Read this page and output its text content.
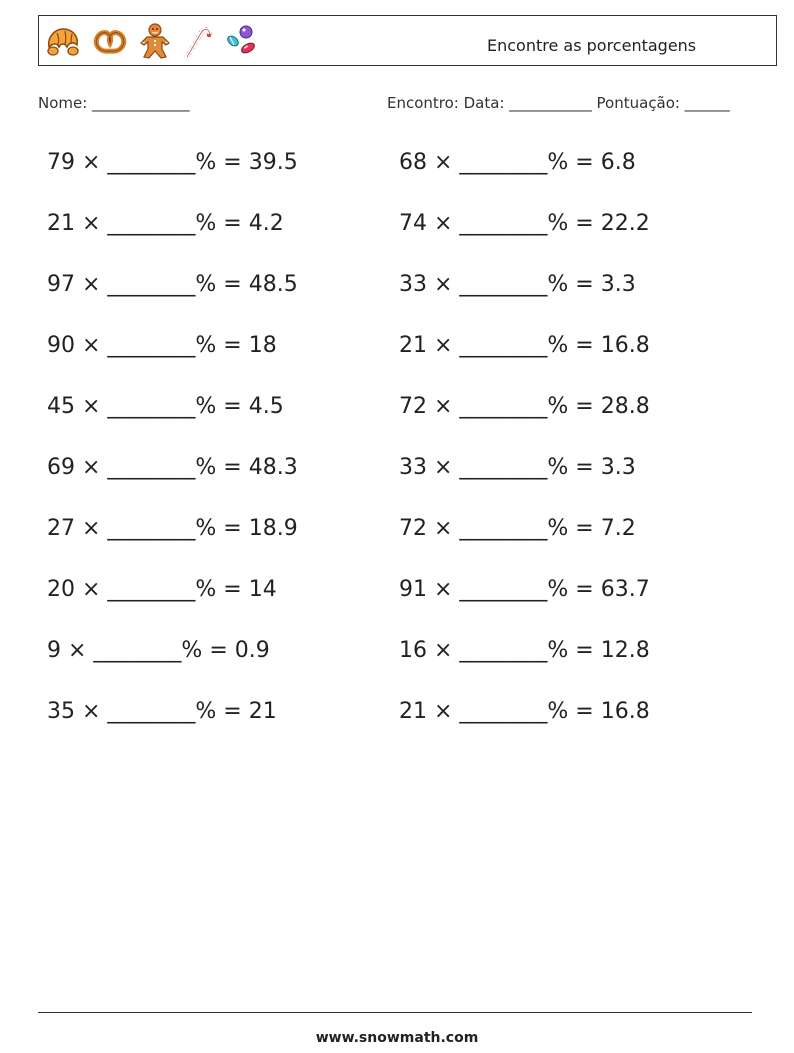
Encontre as porcentagens
Nome: _____________	Encontro: Data: ___________ Pontuação: ______
79 × ________% = 39.5
21 × ________% = 4.2
97 × ________% = 48.5
90 × ________% = 18
45 × ________% = 4.5
69 × ________% = 48.3
27 × ________% = 18.9
20 × ________% = 14
9 × ________% = 0.9
35 × ________% = 21
68 × ________% = 6.8
74 × ________% = 22.2
33 × ________% = 3.3
21 × ________% = 16.8
72 × ________% = 28.8
33 × ________% = 3.3
72 × ________% = 7.2
91 × ________% = 63.7
16 × ________% = 12.8
21 × ________% = 16.8
www.snowmath.com
